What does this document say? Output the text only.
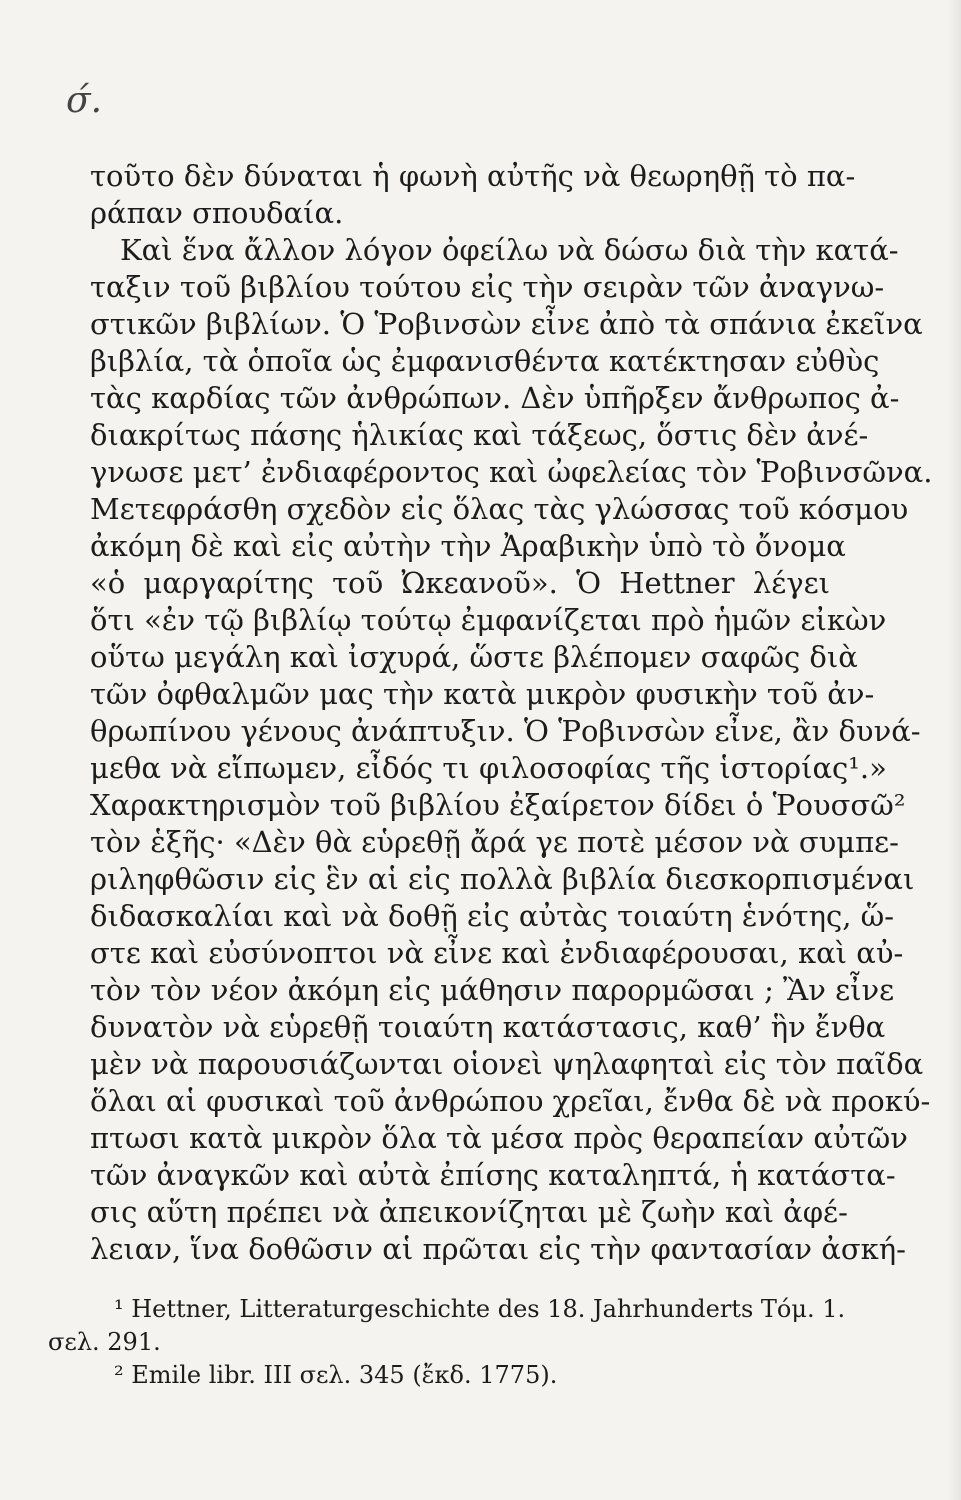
σ́.
τοῦτο δὲν δύναται ἡ φωνὴ αὐτῆς νὰ θεωρηθῇ τὸ πα-
ράπαν σπουδαία.
Καὶ ἕνα ἄλλον λόγον ὀφείλω νὰ δώσω διὰ τὴν κατά-
ταξιν τοῦ βιβλίου τούτου εἰς τὴν σειρὰν τῶν ἀναγνω-
στικῶν βιβλίων. Ὁ Ῥοβινσὼν εἶνε ἀπὸ τὰ σπάνια ἐκεῖνα
βιβλία, τὰ ὁποῖα ὡς ἐμφανισθέντα κατέκτησαν εὐθὺς
τὰς καρδίας τῶν ἀνθρώπων. Δὲν ὑπῆρξεν ἄνθρωπος ἀ-
διακρίτως πάσης ἡλικίας καὶ τάξεως, ὅστις δὲν ἀνέ-
γνωσε μετ’ ἐνδιαφέροντος καὶ ὠφελείας τὸν Ῥοβινσῶνα.
Μετεφράσθη σχεδὸν εἰς ὅλας τὰς γλώσσας τοῦ κόσμου
ἀκόμη δὲ καὶ εἰς αὐτὴν τὴν Ἀραβικὴν ὑπὸ τὸ ὄνομα
«ὁ μαργαρίτης τοῦ Ὠκεανοῦ». Ὁ Hettner λέγει
ὅτι «ἐν τῷ βιβλίῳ τούτῳ ἐμφανίζεται πρὸ ἡμῶν εἰκὼν
οὕτω μεγάλη καὶ ἰσχυρά, ὥστε βλέπομεν σαφῶς διὰ
τῶν ὀφθαλμῶν μας τὴν κατὰ μικρὸν φυσικὴν τοῦ ἀν-
θρωπίνου γένους ἀνάπτυξιν. Ὁ Ῥοβινσὼν εἶνε, ἂν δυνά-
μεθα νὰ εἴπωμεν, εἶδός τι φιλοσοφίας τῆς ἱστορίας¹.»
Χαρακτηρισμὸν τοῦ βιβλίου ἐξαίρετον δίδει ὁ Ῥουσσῶ²
τὸν ἑξῆς· «Δὲν θὰ εὑρεθῇ ἄρά γε ποτὲ μέσον νὰ συμπε-
ριληφθῶσιν εἰς ἓν αἱ εἰς πολλὰ βιβλία διεσκορπισμέναι
διδασκαλίαι καὶ νὰ δοθῇ εἰς αὐτὰς τοιαύτη ἑνότης, ὥ-
στε καὶ εὐσύνοπτοι νὰ εἶνε καὶ ἐνδιαφέρουσαι, καὶ αὐ-
τὸν τὸν νέον ἀκόμη εἰς μάθησιν παρορμῶσαι ; Ἂν εἶνε
δυνατὸν νὰ εὑρεθῇ τοιαύτη κατάστασις, καθ’ ἣν ἔνθα
μὲν νὰ παρουσιάζωνται οἱονεὶ ψηλαφηταὶ εἰς τὸν παῖδα
ὅλαι αἱ φυσικαὶ τοῦ ἀνθρώπου χρεῖαι, ἔνθα δὲ νὰ προκύ-
πτωσι κατὰ μικρὸν ὅλα τὰ μέσα πρὸς θεραπείαν αὐτῶν
τῶν ἀναγκῶν καὶ αὐτὰ ἐπίσης καταληπτά, ἡ κατάστα-
σις αὕτη πρέπει νὰ ἀπεικονίζηται μὲ ζωὴν καὶ ἀφέ-
λειαν, ἵνα δοθῶσιν αἱ πρῶται εἰς τὴν φαντασίαν ἀσκή-
¹ Hettner, Litteraturgeschichte des 18. Jahrhunderts Τόμ. 1.
σελ. 291.
² Emile libr. III σελ. 345 (ἔκδ. 1775).
